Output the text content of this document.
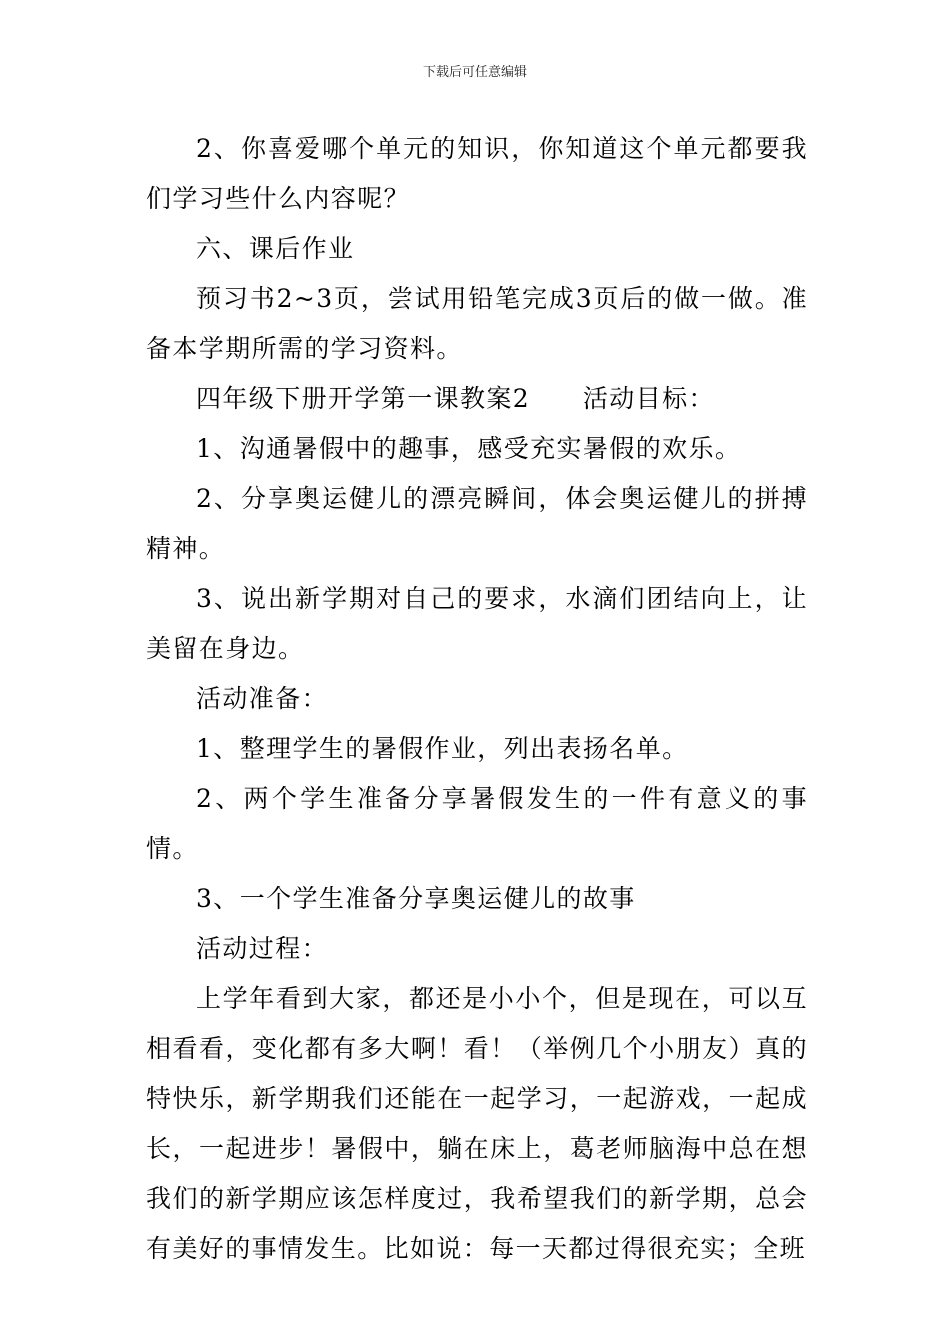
下载后可任意编辑

2、你喜爱哪个单元的知识，你知道这个单元都要我们学习些什么内容呢？

六、课后作业

预习书2~3页，尝试用铅笔完成3页后的做一做。准备本学期所需的学习资料。

四年级下册开学第一课教案2　　活动目标：

1、沟通暑假中的趣事，感受充实暑假的欢乐。

2、分享奥运健儿的漂亮瞬间，体会奥运健儿的拼搏精神。

3、说出新学期对自己的要求，水滴们团结向上，让美留在身边。

活动准备：

1、整理学生的暑假作业，列出表扬名单。

2、两个学生准备分享暑假发生的一件有意义的事情。

3、一个学生准备分享奥运健儿的故事

活动过程：

上学年看到大家，都还是小小个，但是现在，可以互相看看，变化都有多大啊！看！（举例几个小朋友）真的特快乐，新学期我们还能在一起学习，一起游戏，一起成长，一起进步！暑假中，躺在床上，葛老师脑海中总在想我们的新学期应该怎样度过，我希望我们的新学期，总会有美好的事情发生。比如说：每一天都过得很充实；全班
